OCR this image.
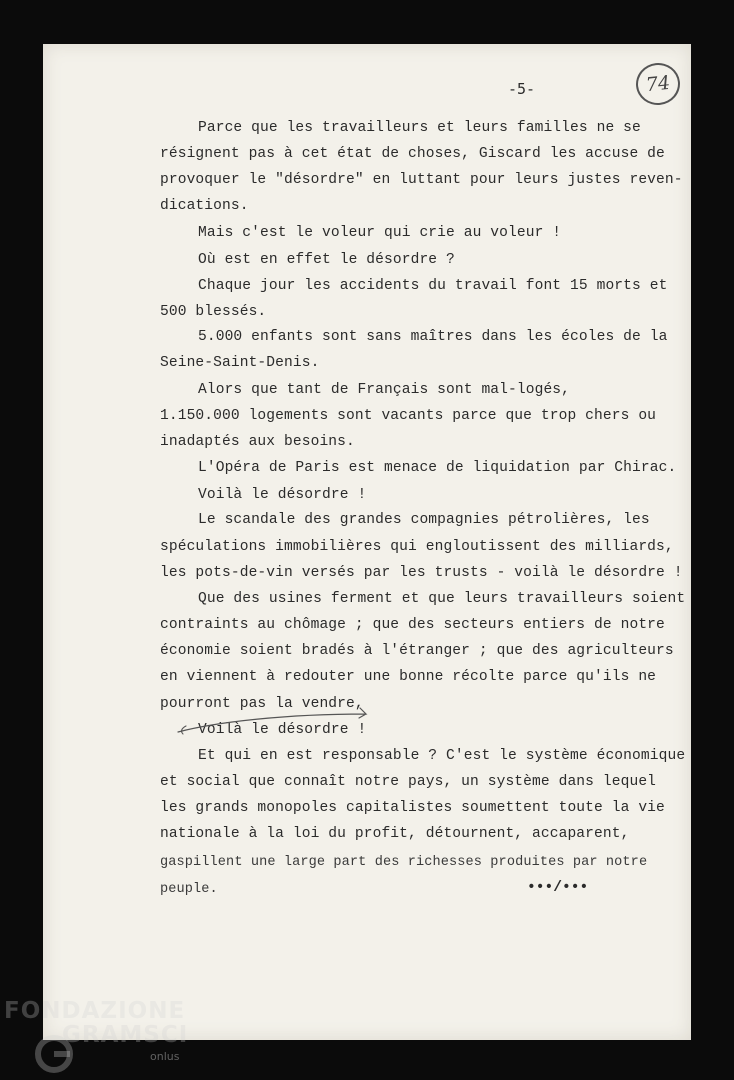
-5-	74
Parce que les travailleurs et leurs familles ne se
résignent pas à cet état de choses, Giscard les accuse de
provoquer le "désordre" en luttant pour leurs justes reven-
dications.
Mais c'est le voleur qui crie au voleur !
Où est en effet le désordre ?
Chaque jour les accidents du travail font 15 morts et
500 blessés.
5.000 enfants sont sans maîtres dans les écoles de la
Seine-Saint-Denis.
Alors que tant de Français sont mal-logés,
1.150.000 logements sont vacants parce que trop chers ou
inadaptés aux besoins.
L'Opéra de Paris est menace de liquidation par Chirac.
Voilà le désordre !
Le scandale des grandes compagnies pétrolières, les
spéculations immobilières qui engloutissent des milliards,
les pots-de-vin versés par les trusts - voilà le désordre !
Que des usines ferment et que leurs travailleurs soient
contraints au chômage ; que des secteurs entiers de notre
économie soient bradés à l'étranger ; que des agriculteurs
en viennent à redouter une bonne récolte parce qu'ils ne
pourront pas la vendre,
Voilà le désordre !
Et qui en est responsable ? C'est le système économique
et social que connaît notre pays, un système dans lequel
les grands monopoles capitalistes soumettent toute la vie
nationale à la loi du profit, détournent, accaparent,
gaspillent une large part des richesses produites par notre
peuple.	•••/•••
FONDAZIONE
GRAMSCI
onlus
